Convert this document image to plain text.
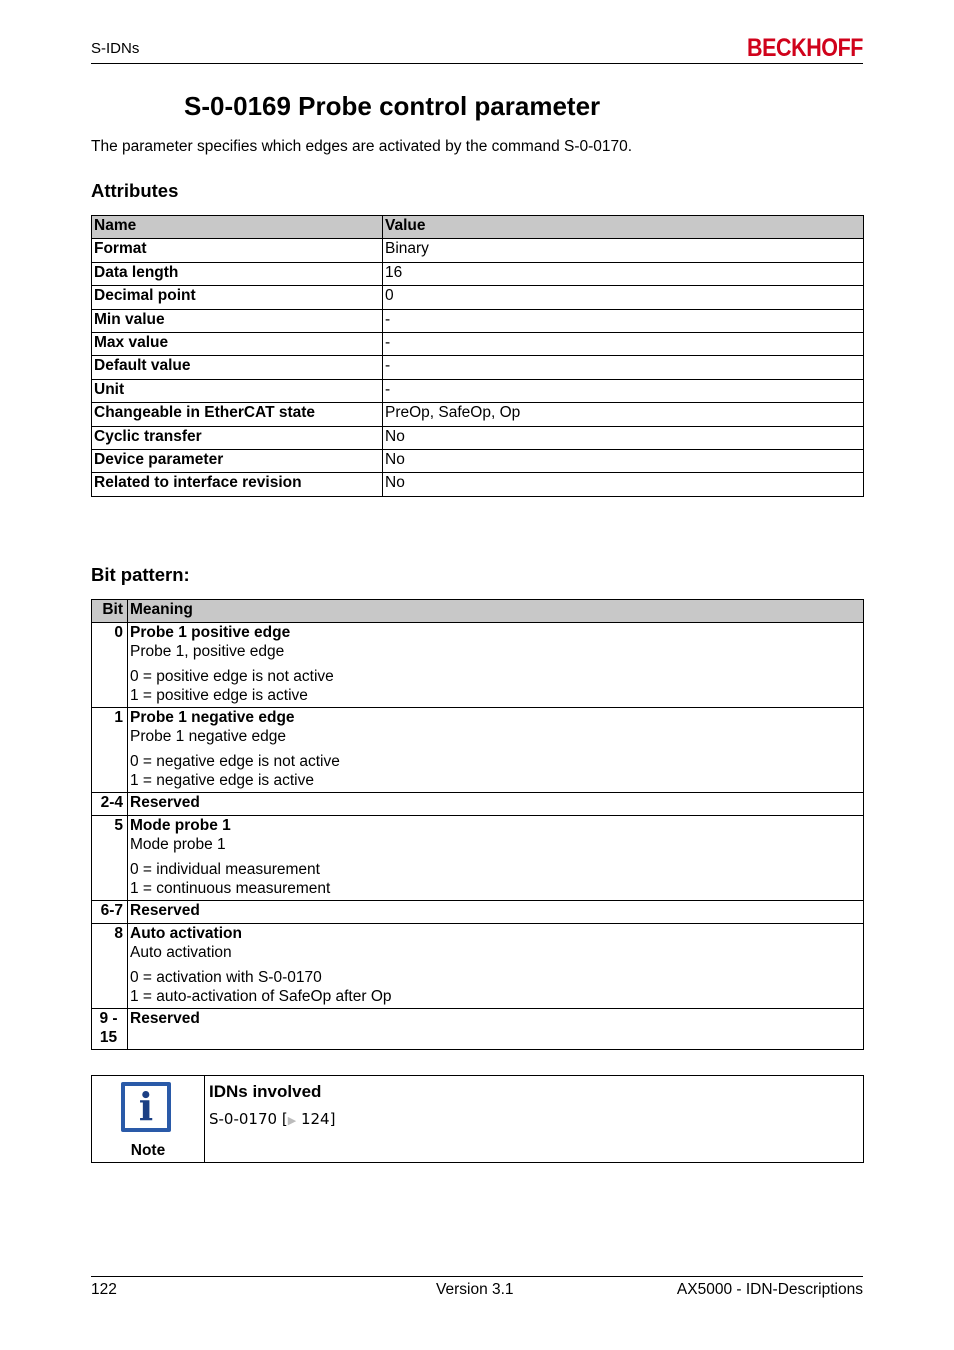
S-IDNs	BECKHOFF
S-0-0169 Probe control parameter

The parameter specifies which edges are activated by the command S-0-0170.

Attributes
Name	Value
Format	Binary
Data length	16
Decimal point	0
Min value	-
Max value	-
Default value	-
Unit	-
Changeable in EtherCAT state	PreOp, SafeOp, Op
Cyclic transfer	No
Device parameter	No
Related to interface revision	No
Bit pattern:
Bit	Meaning
0	Probe 1 positive edge
Probe 1, positive edge
0 = positive edge is not active
1 = positive edge is active

1	Probe 1 negative edge
Probe 1 negative edge
0 = negative edge is not active
1 = negative edge is active

2-4	Reserved
5	Mode probe 1
Mode probe 1
0 = individual measurement
1 = continuous measurement

6-7	Reserved
8	Auto activation
Auto activation
0 = activation with S-0-0170
1 = auto-activation of SafeOp after Op

9 - 15	Reserved
i
Note
IDNs involved
S-0-0170 [▶ 124]
122	Version 3.1	AX5000 - IDN-Descriptions
